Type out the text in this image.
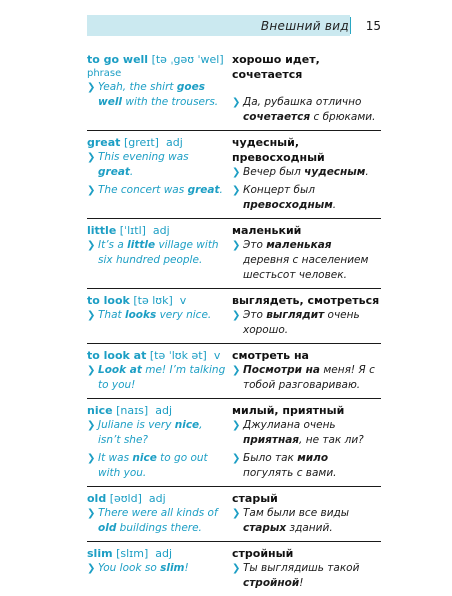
Внешний вид	15
to go well [tə ˌgəʊ ˈwel]
phrase
❯ Yeah, the shirt goes well with the trousers.
хорошо идет, сочетается
❯ Да, рубашка отлично сочетается с брюками.
great [greɪt] adj
❯ This evening was great.
❯ The concert was great.
чудесный, превосходный
❯ Вечер был чудесным.
❯ Концерт был превосходным.
little [ˈlɪtl] adj
❯ It’s a little village with six hundred people.
маленький
❯ Это маленькая деревня с населением шестьсот человек.
to look [tə lʊk] v
❯ That looks very nice.
выглядеть, смотреться
❯ Это выглядит очень хорошо.
to look at [tə ˈlʊk ət] v
❯ Look at me! I’m talking to you!
смотреть на
❯ Посмотри на меня! Я с тобой разговариваю.
nice [naɪs] adj
❯ Juliane is very nice, isn’t she?
❯ It was nice to go out with you.
милый, приятный
❯ Джулиана очень приятная, не так ли?
❯ Было так мило погулять с вами.
old [əʊld] adj
❯ There were all kinds of old buildings there.
старый
❯ Там были все виды старых зданий.
slim [slɪm] adj
❯ You look so slim!
стройный
❯ Ты выглядишь такой стройной!
